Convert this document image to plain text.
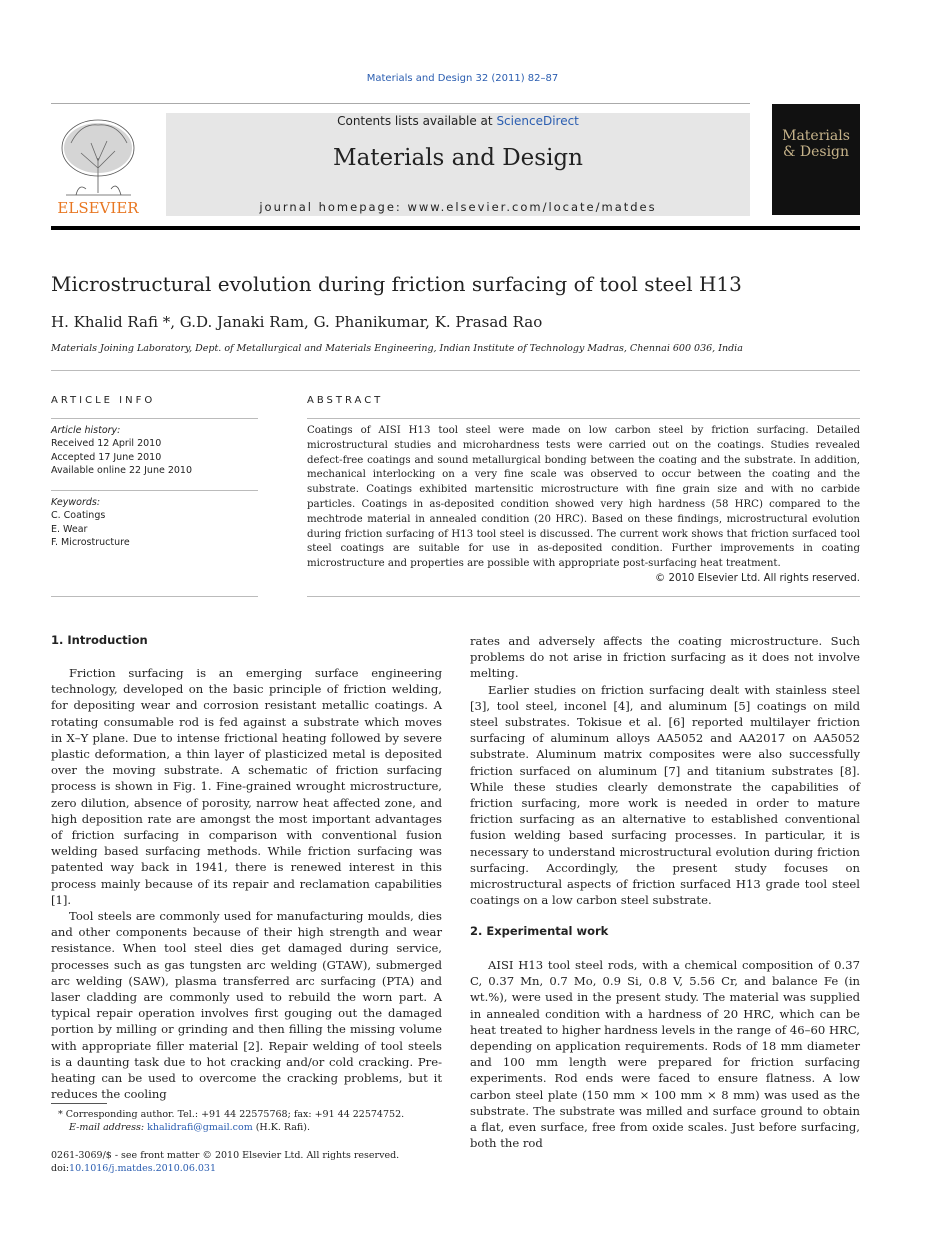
Materials and Design 32 (2011) 82–87
ELSEVIER
Contents lists available at ScienceDirect
Materials and Design
journal homepage: www.elsevier.com/locate/matdes
Materials
& Design
Microstructural evolution during friction surfacing of tool steel H13
H. Khalid Rafi *, G.D. Janaki Ram, G. Phanikumar, K. Prasad Rao
Materials Joining Laboratory, Dept. of Metallurgical and Materials Engineering, Indian Institute of Technology Madras, Chennai 600 036, India
ARTICLE INFO
Article history:
Received 12 April 2010
Accepted 17 June 2010
Available online 22 June 2010
Keywords:
C. Coatings
E. Wear
F. Microstructure
ABSTRACT
Coatings of AISI H13 tool steel were made on low carbon steel by friction surfacing. Detailed microstructural studies and microhardness tests were carried out on the coatings. Studies revealed defect-free coatings and sound metallurgical bonding between the coating and the substrate. In addition, mechanical interlocking on a very fine scale was observed to occur between the coating and the substrate. Coatings exhibited martensitic microstructure with fine grain size and with no carbide particles. Coatings in as-deposited condition showed very high hardness (58 HRC) compared to the mechtrode material in annealed condition (20 HRC). Based on these findings, microstructural evolution during friction surfacing of H13 tool steel is discussed. The current work shows that friction surfaced tool steel coatings are suitable for use in as-deposited condition. Further improvements in coating microstructure and properties are possible with appropriate post-surfacing heat treatment.
© 2010 Elsevier Ltd. All rights reserved.
1. Introduction

Friction surfacing is an emerging surface engineering technology, developed on the basic principle of friction welding, for depositing wear and corrosion resistant metallic coatings. A rotating consumable rod is fed against a substrate which moves in X–Y plane. Due to intense frictional heating followed by severe plastic deformation, a thin layer of plasticized metal is deposited over the moving substrate. A schematic of friction surfacing process is shown in Fig. 1. Fine-grained wrought microstructure, zero dilution, absence of porosity, narrow heat affected zone, and high deposition rate are amongst the most important advantages of friction surfacing in comparison with conventional fusion welding based surfacing methods. While friction surfacing was patented way back in 1941, there is renewed interest in this process mainly because of its repair and reclamation capabilities [1].

Tool steels are commonly used for manufacturing moulds, dies and other components because of their high strength and wear resistance. When tool steel dies get damaged during service, processes such as gas tungsten arc welding (GTAW), submerged arc welding (SAW), plasma transferred arc surfacing (PTA) and laser cladding are commonly used to rebuild the worn part. A typical repair operation involves first gouging out the damaged portion by milling or grinding and then filling the missing volume with appropriate filler material [2]. Repair welding of tool steels is a daunting task due to hot cracking and/or cold cracking. Pre-heating can be used to overcome the cracking problems, but it reduces the cooling

rates and adversely affects the coating microstructure. Such problems do not arise in friction surfacing as it does not involve melting.

Earlier studies on friction surfacing dealt with stainless steel [3], tool steel, inconel [4], and aluminum [5] coatings on mild steel substrates. Tokisue et al. [6] reported multilayer friction surfacing of aluminum alloys AA5052 and AA2017 on AA5052 substrate. Aluminum matrix composites were also successfully friction surfaced on aluminum [7] and titanium substrates [8]. While these studies clearly demonstrate the capabilities of friction surfacing, more work is needed in order to mature friction surfacing as an alternative to established conventional fusion welding based surfacing processes. In particular, it is necessary to understand microstructural evolution during friction surfacing. Accordingly, the present study focuses on microstructural aspects of friction surfaced H13 grade tool steel coatings on a low carbon steel substrate.

2. Experimental work

AISI H13 tool steel rods, with a chemical composition of 0.37 C, 0.37 Mn, 0.7 Mo, 0.9 Si, 0.8 V, 5.56 Cr, and balance Fe (in wt.%), were used in the present study. The material was supplied in annealed condition with a hardness of 20 HRC, which can be heat treated to higher hardness levels in the range of 46–60 HRC, depending on application requirements. Rods of 18 mm diameter and 100 mm length were prepared for friction surfacing experiments. Rod ends were faced to ensure flatness. A low carbon steel plate (150 mm × 100 mm × 8 mm) was used as the substrate. The substrate was milled and surface ground to obtain a flat, even surface, free from oxide scales. Just before surfacing, both the rod

* Corresponding author. Tel.: +91 44 22575768; fax: +91 44 22574752.
E-mail address: khalidrafi@gmail.com (H.K. Rafi).
0261-3069/$ - see front matter © 2010 Elsevier Ltd. All rights reserved.
doi:10.1016/j.matdes.2010.06.031
